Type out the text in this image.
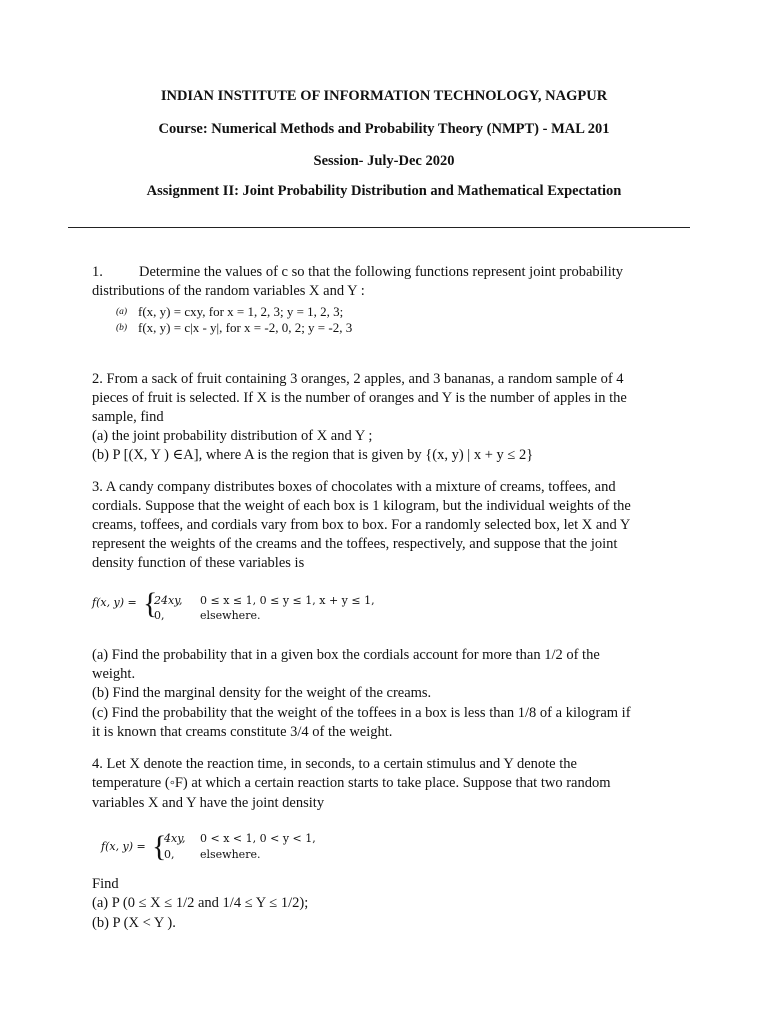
INDIAN INSTITUTE OF INFORMATION TECHNOLOGY, NAGPUR
Course: Numerical Methods and Probability Theory (NMPT) - MAL 201
Session- July-Dec 2020
Assignment II: Joint Probability Distribution and Mathematical Expectation
1. Determine the values of c so that the following functions represent joint probability
distributions of the random variables X and Y :
(a) f(x, y) = cxy, for x = 1, 2, 3; y = 1, 2, 3;
(b) f(x, y) = c|x - y|, for x = -2, 0, 2; y = -2, 3
2. From a sack of fruit containing 3 oranges, 2 apples, and 3 bananas, a random sample of 4
pieces of fruit is selected. If X is the number of oranges and Y is the number of apples in the
sample, find
(a) the joint probability distribution of X and Y ;
(b) P [(X, Y ) ∈A], where A is the region that is given by {(x, y) | x + y ≤ 2}
3. A candy company distributes boxes of chocolates with a mixture of creams, toffees, and
cordials. Suppose that the weight of each box is 1 kilogram, but the individual weights of the
creams, toffees, and cordials vary from box to box. For a randomly selected box, let X and Y
represent the weights of the creams and the toffees, respectively, and suppose that the joint
density function of these variables is
f(x, y) = {
24xy, 0 ≤ x ≤ 1, 0 ≤ y ≤ 1, x + y ≤ 1,
0,	elsewhere.
(a) Find the probability that in a given box the cordials account for more than 1/2 of the
weight.
(b) Find the marginal density for the weight of the creams.
(c) Find the probability that the weight of the toffees in a box is less than 1/8 of a kilogram if
it is known that creams constitute 3/4 of the weight.
4. Let X denote the reaction time, in seconds, to a certain stimulus and Y denote the
temperature (◦F) at which a certain reaction starts to take place. Suppose that two random
variables X and Y have the joint density
f(x, y) = {
4xy, 0 < x < 1, 0 < y < 1,
0, elsewhere.
Find
(a) P (0 ≤ X ≤ 1/2 and 1/4 ≤ Y ≤ 1/2);
(b) P (X < Y ).
